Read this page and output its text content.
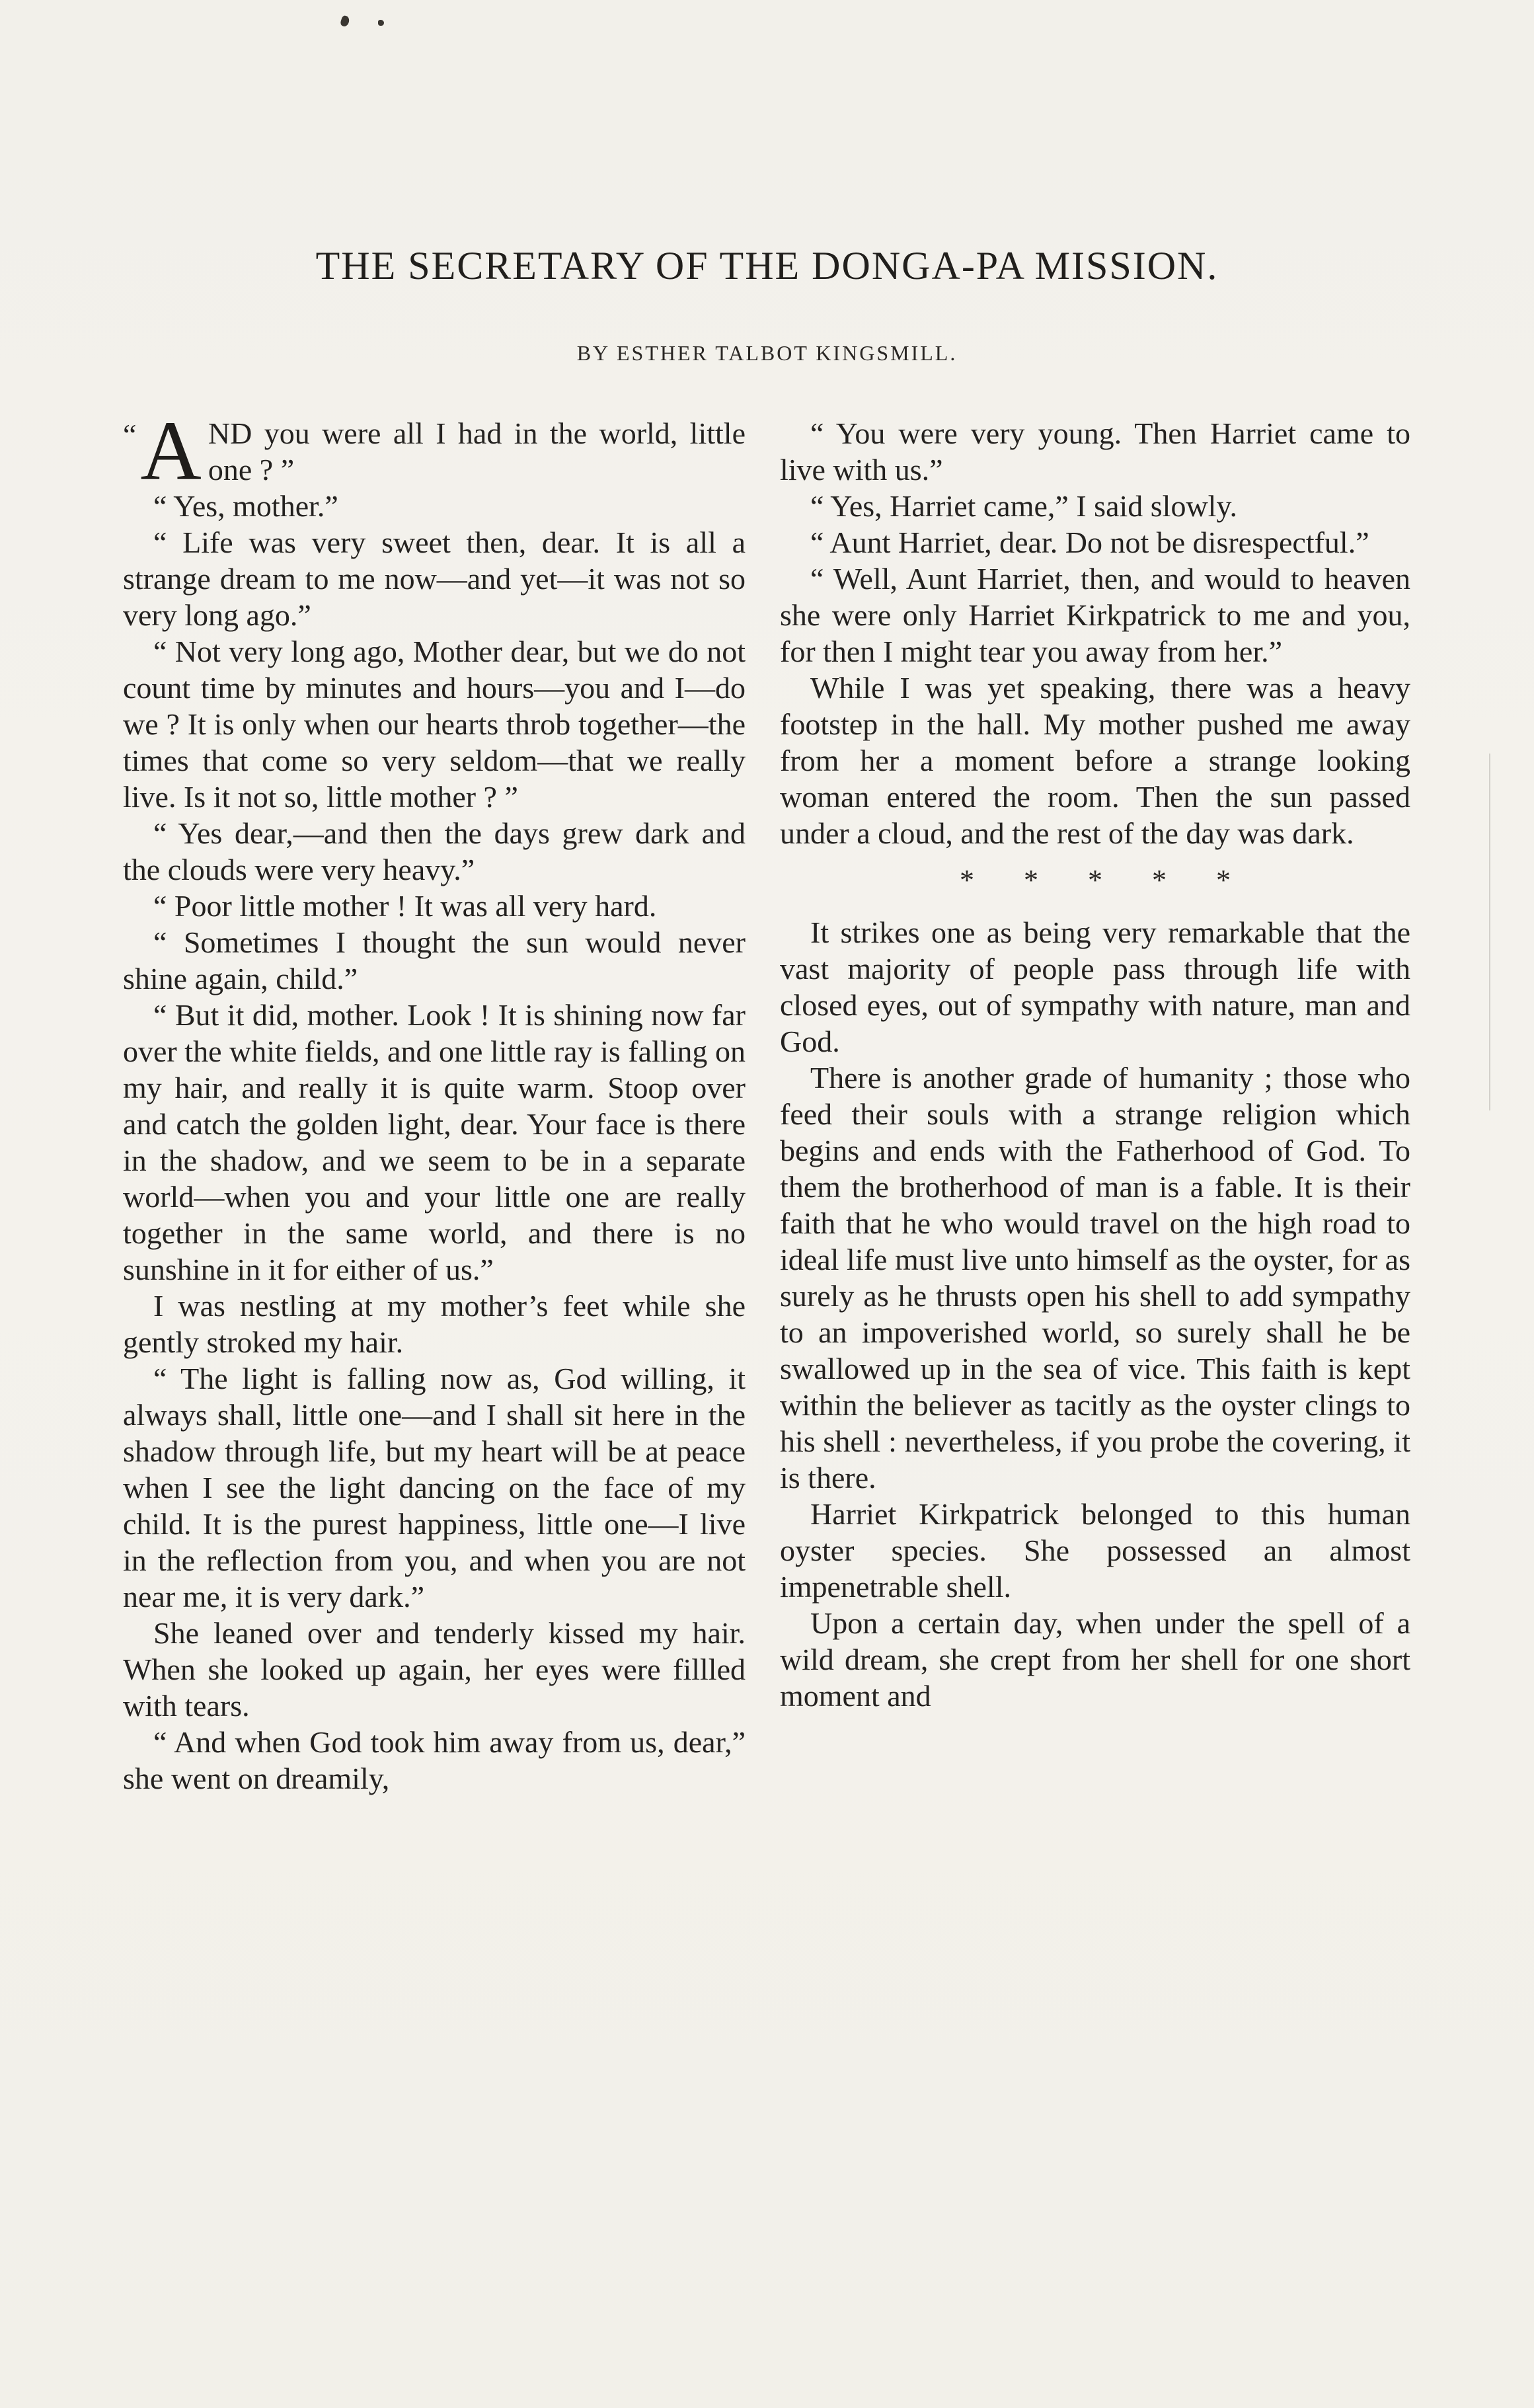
THE SECRETARY OF THE DONGA-PA MISSION.
BY ESTHER TALBOT KINGSMILL.

“ A ND you were all I had in the world, little one ? ”

“ Yes, mother.”

“ Life was very sweet then, dear. It is all a strange dream to me now—and yet—it was not so very long ago.”

“ Not very long ago, Mother dear, but we do not count time by minutes and hours—you and I—do we ? It is only when our hearts throb together—the times that come so very seldom—that we really live. Is it not so, little mother ? ”

“ Yes dear,—and then the days grew dark and the clouds were very heavy.”

“ Poor little mother ! It was all very hard.

“ Sometimes I thought the sun would never shine again, child.”

“ But it did, mother. Look ! It is shining now far over the white fields, and one little ray is falling on my hair, and really it is quite warm. Stoop over and catch the golden light, dear. Your face is there in the shadow, and we seem to be in a separate world—when you and your little one are really together in the same world, and there is no sunshine in it for either of us.”

I was nestling at my mother’s feet while she gently stroked my hair.

“ The light is falling now as, God willing, it always shall, little one—and I shall sit here in the shadow through life, but my heart will be at peace when I see the light dancing on the face of my child. It is the purest happiness, little one—I live in the reflection from you, and when you are not near me, it is very dark.”

She leaned over and tenderly kissed my hair. When she looked up again, her eyes were fillled with tears.

“ And when God took him away from us, dear,” she went on dreamily,

“ You were very young. Then Harriet came to live with us.”

“ Yes, Harriet came,” I said slowly.

“ Aunt Harriet, dear. Do not be disrespectful.”

“ Well, Aunt Harriet, then, and would to heaven she were only Harriet Kirkpatrick to me and you, for then I might tear you away from her.”

While I was yet speaking, there was a heavy footstep in the hall. My mother pushed me away from her a moment before a strange looking woman entered the room. Then the sun passed under a cloud, and the rest of the day was dark.

* * * * *

It strikes one as being very remarkable that the vast majority of people pass through life with closed eyes, out of sympathy with nature, man and God.

There is another grade of humanity ; those who feed their souls with a strange religion which begins and ends with the Fatherhood of God. To them the brotherhood of man is a fable. It is their faith that he who would travel on the high road to ideal life must live unto himself as the oyster, for as surely as he thrusts open his shell to add sympathy to an impoverished world, so surely shall he be swallowed up in the sea of vice. This faith is kept within the believer as tacitly as the oyster clings to his shell : nevertheless, if you probe the covering, it is there.

Harriet Kirkpatrick belonged to this human oyster species. She possessed an almost impenetrable shell.

Upon a certain day, when under the spell of a wild dream, she crept from her shell for one short moment and
